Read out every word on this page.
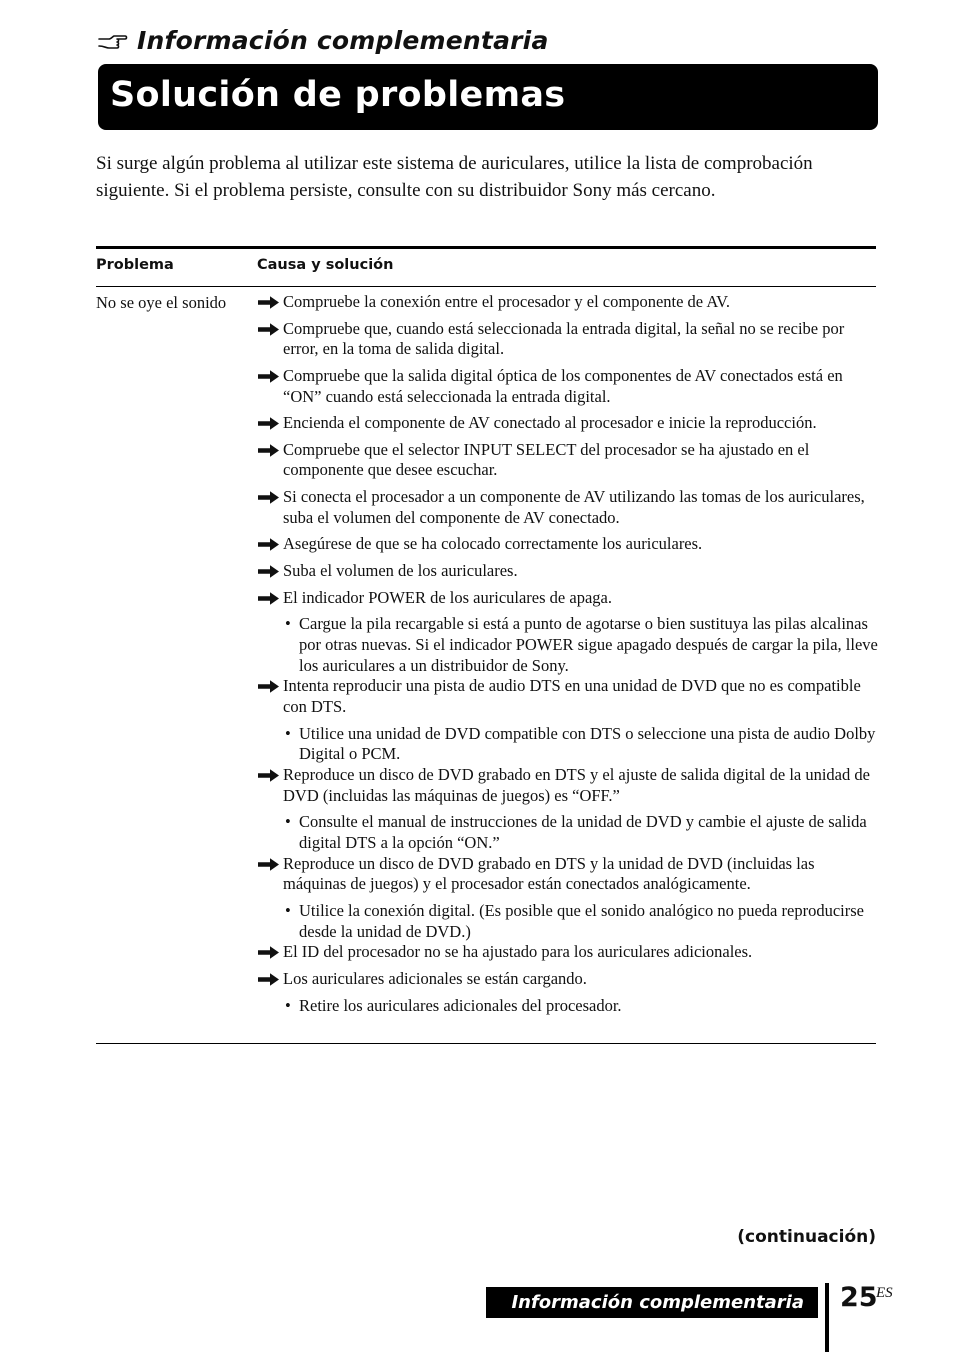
Información complementaria
Solución de problemas

Si surge algún problema al utilizar este sistema de auriculares, utilice la lista de comprobación siguiente. Si el problema persiste, consulte con su distribuidor Sony más cercano.

Problema	Causa y solución
No se oye el sonido	Compruebe la conexión entre el procesador y el componente de AV.
Compruebe que, cuando está seleccionada la entrada digital, la señal no se recibe por error, en la toma de salida digital.
Compruebe que la salida digital óptica de los componentes de AV conectados está en “ON” cuando está seleccionada la entrada digital.
Encienda el componente de AV conectado al procesador e inicie la reproducción.
Compruebe que el selector INPUT SELECT del procesador se ha ajustado en el componente que desee escuchar.
Si conecta el procesador a un componente de AV utilizando las tomas de los auriculares, suba el volumen del componente de AV conectado.
Asegúrese de que se ha colocado correctamente los auriculares.
Suba el volumen de los auriculares.
El indicador POWER de los auriculares de apaga.
• Cargue la pila recargable si está a punto de agotarse o bien sustituya las pilas alcalinas por otras nuevas. Si el indicador POWER sigue apagado después de cargar la pila, lleve los auriculares a un distribuidor de Sony.
Intenta reproducir una pista de audio DTS en una unidad de DVD que no es compatible con DTS.
• Utilice una unidad de DVD compatible con DTS o seleccione una pista de audio Dolby Digital o PCM.
Reproduce un disco de DVD grabado en DTS y el ajuste de salida digital de la unidad de DVD (incluidas las máquinas de juegos) es “OFF.”
• Consulte el manual de instrucciones de la unidad de DVD y cambie el ajuste de salida digital DTS a la opción “ON.”
Reproduce un disco de DVD grabado en DTS y la unidad de DVD (incluidas las máquinas de juegos) y el procesador están conectados analógicamente.
• Utilice la conexión digital. (Es posible que el sonido analógico no pueda reproducirse desde la unidad de DVD.)
El ID del procesador no se ha ajustado para los auriculares adicionales.
Los auriculares adicionales se están cargando.
• Retire los auriculares adicionales del procesador.
(continuación)
Información complementaria 25
ES
